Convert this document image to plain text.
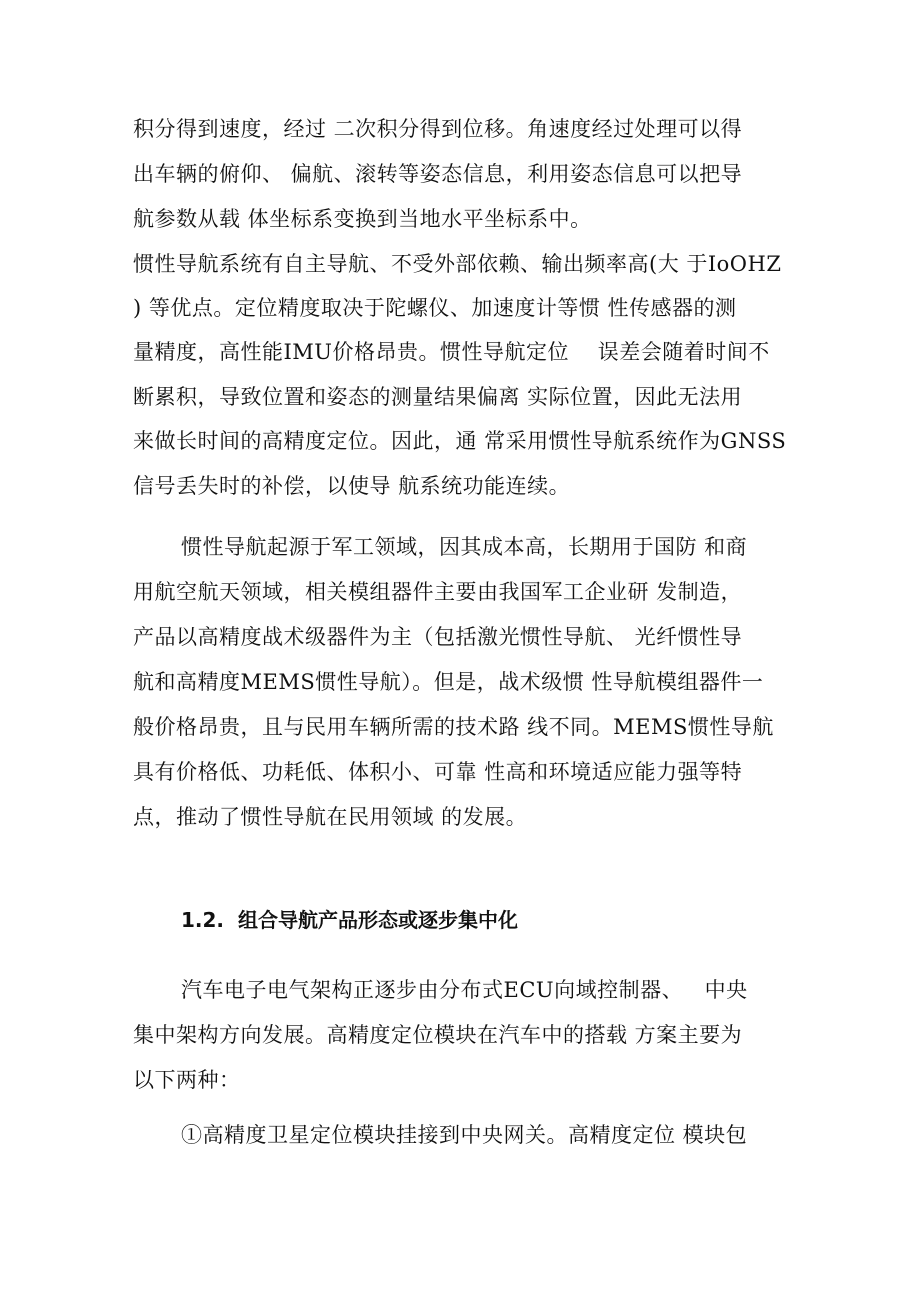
积分得到速度，经过 二次积分得到位移。角速度经过处理可以得
出车辆的俯仰、 偏航、滚转等姿态信息，利用姿态信息可以把导
航参数从载 体坐标系变换到当地水平坐标系中。
惯性导航系统有自主导航、不受外部依赖、输出频率高(大 于IoOHZ
) 等优点。定位精度取决于陀螺仪、加速度计等惯 性传感器的测
量精度，高性能IMU价格昂贵。惯性导航定位    误差会随着时间不
断累积，导致位置和姿态的测量结果偏离 实际位置，因此无法用
来做长时间的高精度定位。因此，通 常采用惯性导航系统作为GNSS
信号丢失时的补偿，以使导 航系统功能连续。
惯性导航起源于军工领域，因其成本高，长期用于国防 和商
用航空航天领域，相关模组器件主要由我国军工企业研 发制造，
产品以高精度战术级器件为主（包括激光惯性导航、 光纤惯性导
航和高精度MEMS惯性导航）。但是，战术级惯 性导航模组器件一
般价格昂贵，且与民用车辆所需的技术路 线不同。MEMS惯性导航
具有价格低、功耗低、体积小、可靠 性高和环境适应能力强等特
点，推动了惯性导航在民用领域 的发展。
1.2.  组合导航产品形态或逐步集中化
汽车电子电气架构正逐步由分布式ECU向域控制器、   中央
集中架构方向发展。高精度定位模块在汽车中的搭载 方案主要为
以下两种：
①高精度卫星定位模块挂接到中央网关。高精度定位 模块包
